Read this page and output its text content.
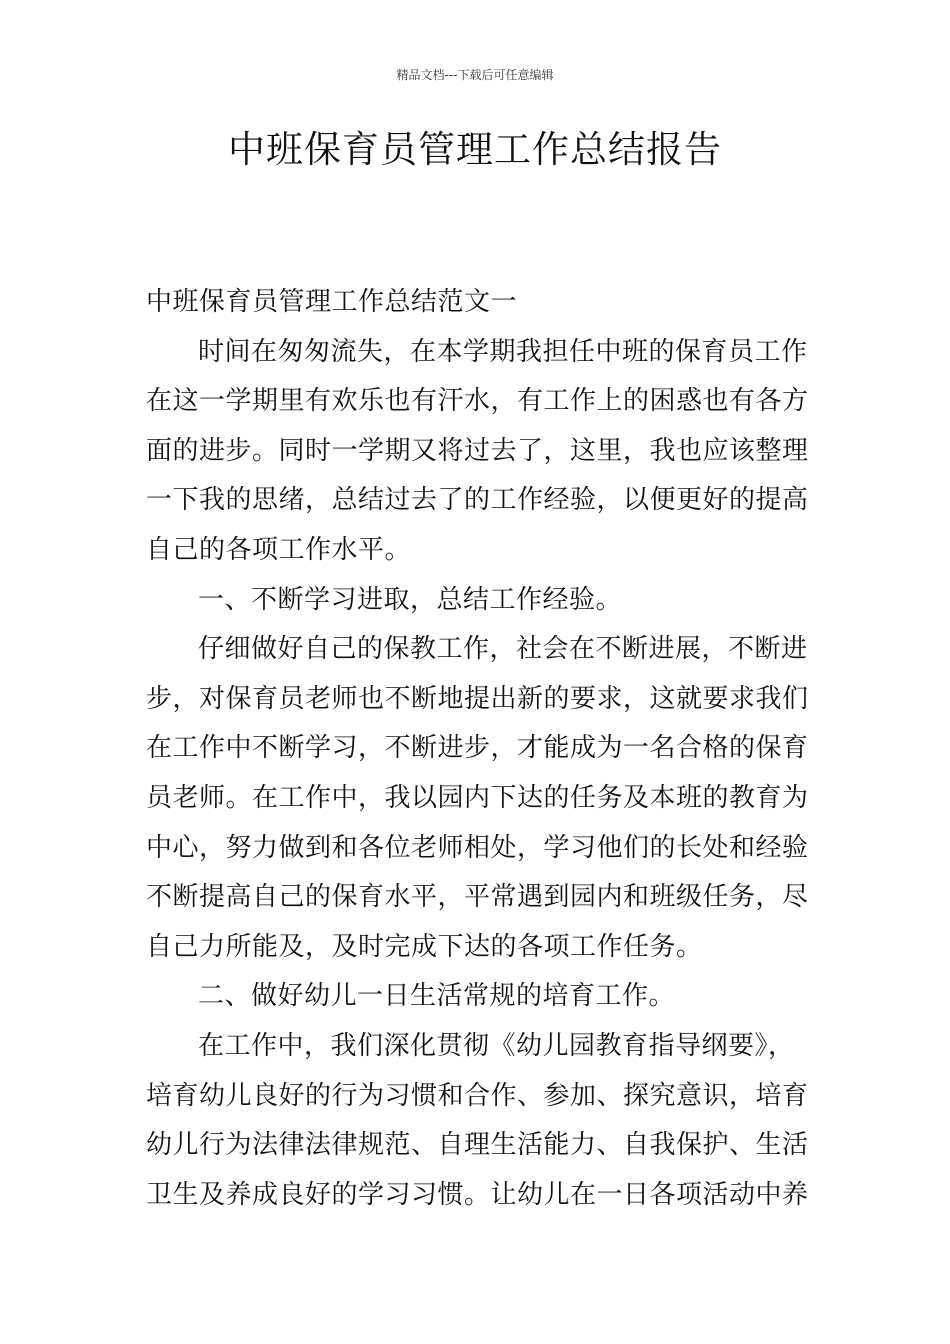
精品文档---下载后可任意编辑
中班保育员管理工作总结报告

中班保育员管理工作总结范文一

时间在匆匆流失，在本学期我担任中班的保育员工作在这一学期里有欢乐也有汗水，有工作上的困惑也有各方面的进步。同时一学期又将过去了，这里，我也应该整理一下我的思绪，总结过去了的工作经验，以便更好的提高自己的各项工作水平。

一、不断学习进取，总结工作经验。

仔细做好自己的保教工作，社会在不断进展，不断进步，对保育员老师也不断地提出新的要求，这就要求我们在工作中不断学习，不断进步，才能成为一名合格的保育员老师。在工作中，我以园内下达的任务及本班的教育为中心，努力做到和各位老师相处，学习他们的长处和经验不断提高自己的保育水平，平常遇到园内和班级任务，尽自己力所能及，及时完成下达的各项工作任务。

二、做好幼儿一日生活常规的培育工作。

在工作中，我们深化贯彻《幼儿园教育指导纲要》，培育幼儿良好的行为习惯和合作、参加、探究意识，培育幼儿行为法律法律规范、自理生活能力、自我保护、生活卫生及养成良好的学习习惯。让幼儿在一日各项活动中养
